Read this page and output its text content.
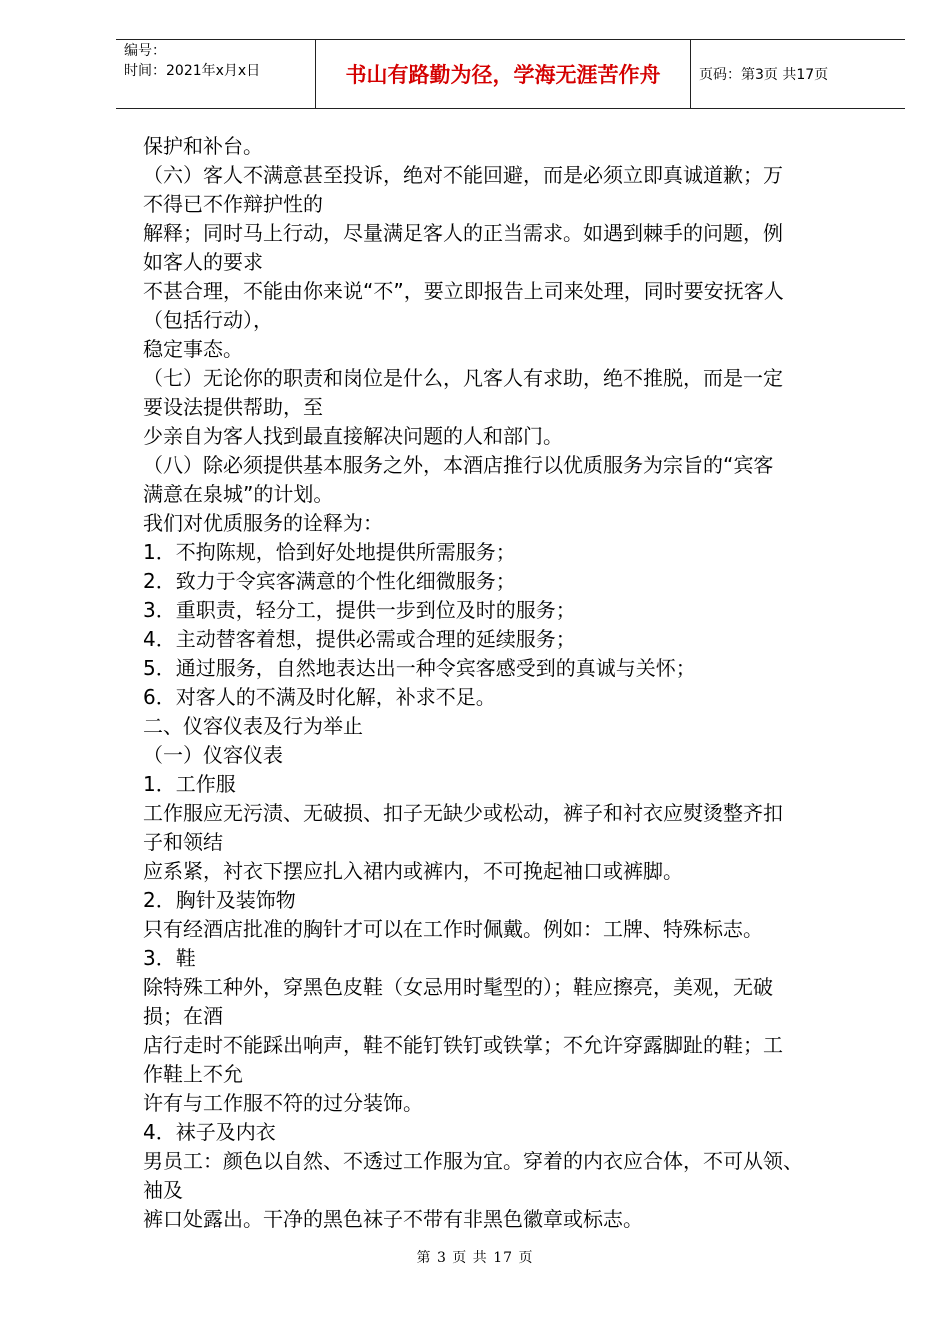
编号：
时间：2021年x月x日	书山有路勤为径，学海无涯苦作舟	页码：第3页 共17页

保护和补台。

（六）客人不满意甚至投诉，绝对不能回避，而是必须立即真诚道歉；万

不得已不作辩护性的

解释；同时马上行动，尽量满足客人的正当需求。如遇到棘手的问题，例

如客人的要求

不甚合理，不能由你来说“不”，要立即报告上司来处理，同时要安抚客人

（包括行动），

稳定事态。

（七）无论你的职责和岗位是什么，凡客人有求助，绝不推脱，而是一定

要设法提供帮助，至

少亲自为客人找到最直接解决问题的人和部门。

（八）除必须提供基本服务之外，本酒店推行以优质服务为宗旨的“宾客

满意在泉城”的计划。

我们对优质服务的诠释为：

1．不拘陈规，恰到好处地提供所需服务；

2．致力于令宾客满意的个性化细微服务；

3．重职责，轻分工，提供一步到位及时的服务；

4．主动替客着想，提供必需或合理的延续服务；

5．通过服务，自然地表达出一种令宾客感受到的真诚与关怀；

6．对客人的不满及时化解，补求不足。

二、仪容仪表及行为举止

（一）仪容仪表

1．工作服

工作服应无污渍、无破损、扣子无缺少或松动，裤子和衬衣应熨烫整齐扣

子和领结

应系紧，衬衣下摆应扎入裙内或裤内，不可挽起袖口或裤脚。

2．胸针及装饰物

只有经酒店批准的胸针才可以在工作时佩戴。例如：工牌、特殊标志。

3．鞋

除特殊工种外，穿黑色皮鞋（女忌用时髦型的）；鞋应擦亮，美观，无破

损；在酒

店行走时不能踩出响声，鞋不能钉铁钉或铁掌；不允许穿露脚趾的鞋；工

作鞋上不允

许有与工作服不符的过分装饰。

4．袜子及内衣

男员工：颜色以自然、不透过工作服为宜。穿着的内衣应合体，不可从领、

袖及

裤口处露出。干净的黑色袜子不带有非黑色徽章或标志。

第 3 页 共 17 页
